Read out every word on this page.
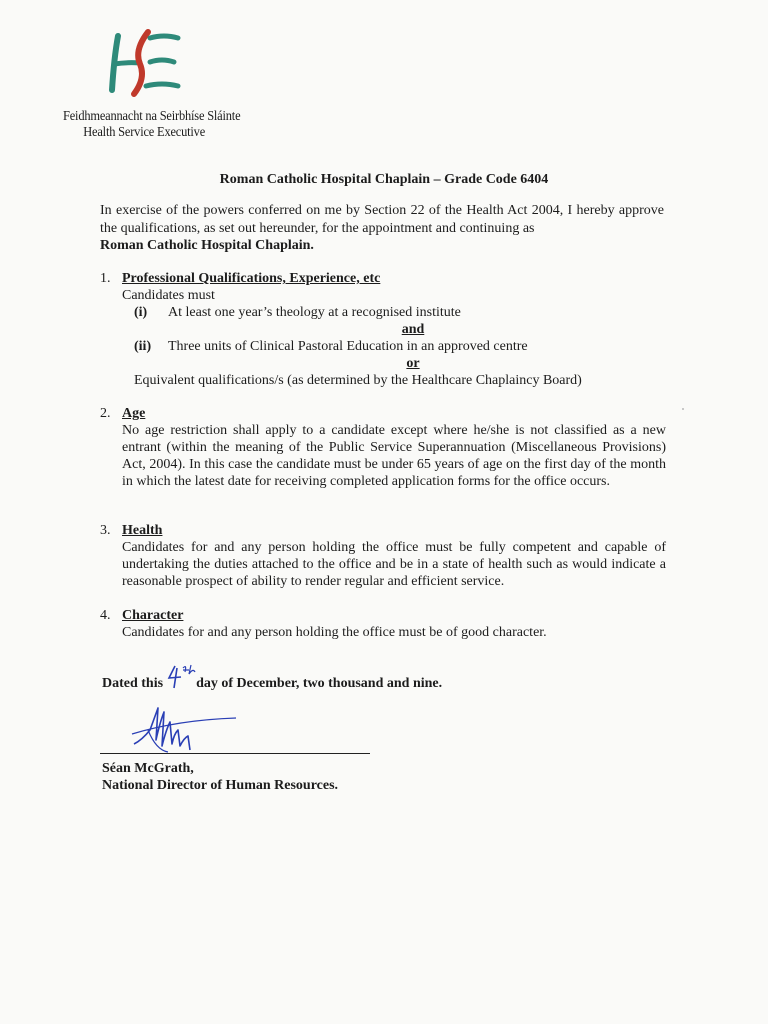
Feidhmeannacht na Seirbhíse Sláinte
Health Service Executive
Roman Catholic Hospital Chaplain – Grade Code 6404
In exercise of the powers conferred on me by Section 22 of the Health Act 2004, I hereby approve the qualifications, as set out hereunder, for the appointment and continuing as
Roman Catholic Hospital Chaplain.
1. Professional Qualifications, Experience, etc
Candidates must
(i)	At least one year’s theology at a recognised institute
and
(ii)	Three units of Clinical Pastoral Education in an approved centre
or
Equivalent qualifications/s (as determined by the Healthcare Chaplaincy Board)
2. Age
No age restriction shall apply to a candidate except where he/she is not classified as a new entrant (within the meaning of the Public Service Superannuation (Miscellaneous Provisions) Act, 2004). In this case the candidate must be under 65 years of age on the first day of the month in which the latest date for receiving completed application forms for the office occurs.
3. Health
Candidates for and any person holding the office must be fully competent and capable of undertaking the duties attached to the office and be in a state of health such as would indicate a reasonable prospect of ability to render regular and efficient service.
4. Character
Candidates for and any person holding the office must be of good character.
Dated this day of December, two thousand and nine.
Séan McGrath,
National Director of Human Resources.
